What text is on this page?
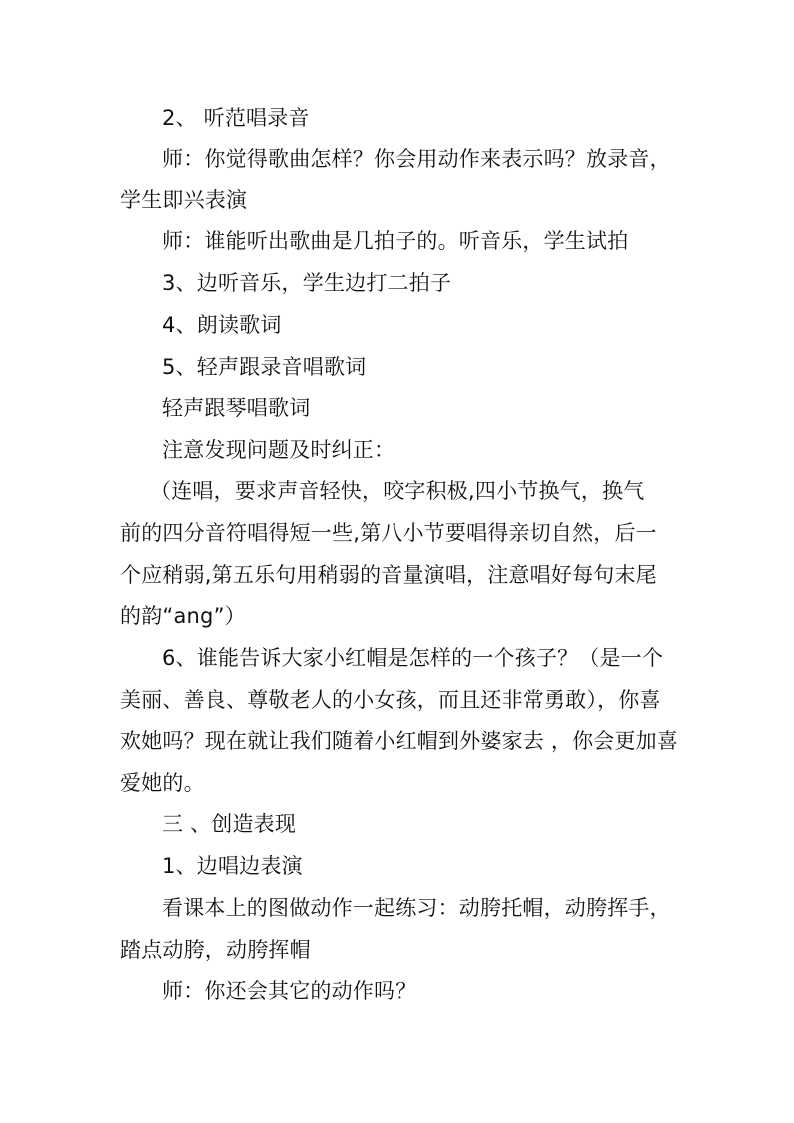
2、 听范唱录音
师：你觉得歌曲怎样？你会用动作来表示吗？放录音，
学生即兴表演
师：谁能听出歌曲是几拍子的。听音乐，学生试拍
3、边听音乐，学生边打二拍子
4、朗读歌词
5、轻声跟录音唱歌词
轻声跟琴唱歌词
注意发现问题及时纠正：
（连唱，要求声音轻快，咬字积极,四小节换气，换气
前的四分音符唱得短一些,第八小节要唱得亲切自然，后一
个应稍弱,第五乐句用稍弱的音量演唱，注意唱好每句末尾
的韵“ang”）
6、谁能告诉大家小红帽是怎样的一个孩子？（是一个
美丽、善良、尊敬老人的小女孩，而且还非常勇敢），你喜
欢她吗？现在就让我们随着小红帽到外婆家去 ，你会更加喜
爱她的。
三 、创造表现
1、边唱边表演
看课本上的图做动作一起练习：动胯托帽，动胯挥手，
踏点动胯，动胯挥帽
师：你还会其它的动作吗？
